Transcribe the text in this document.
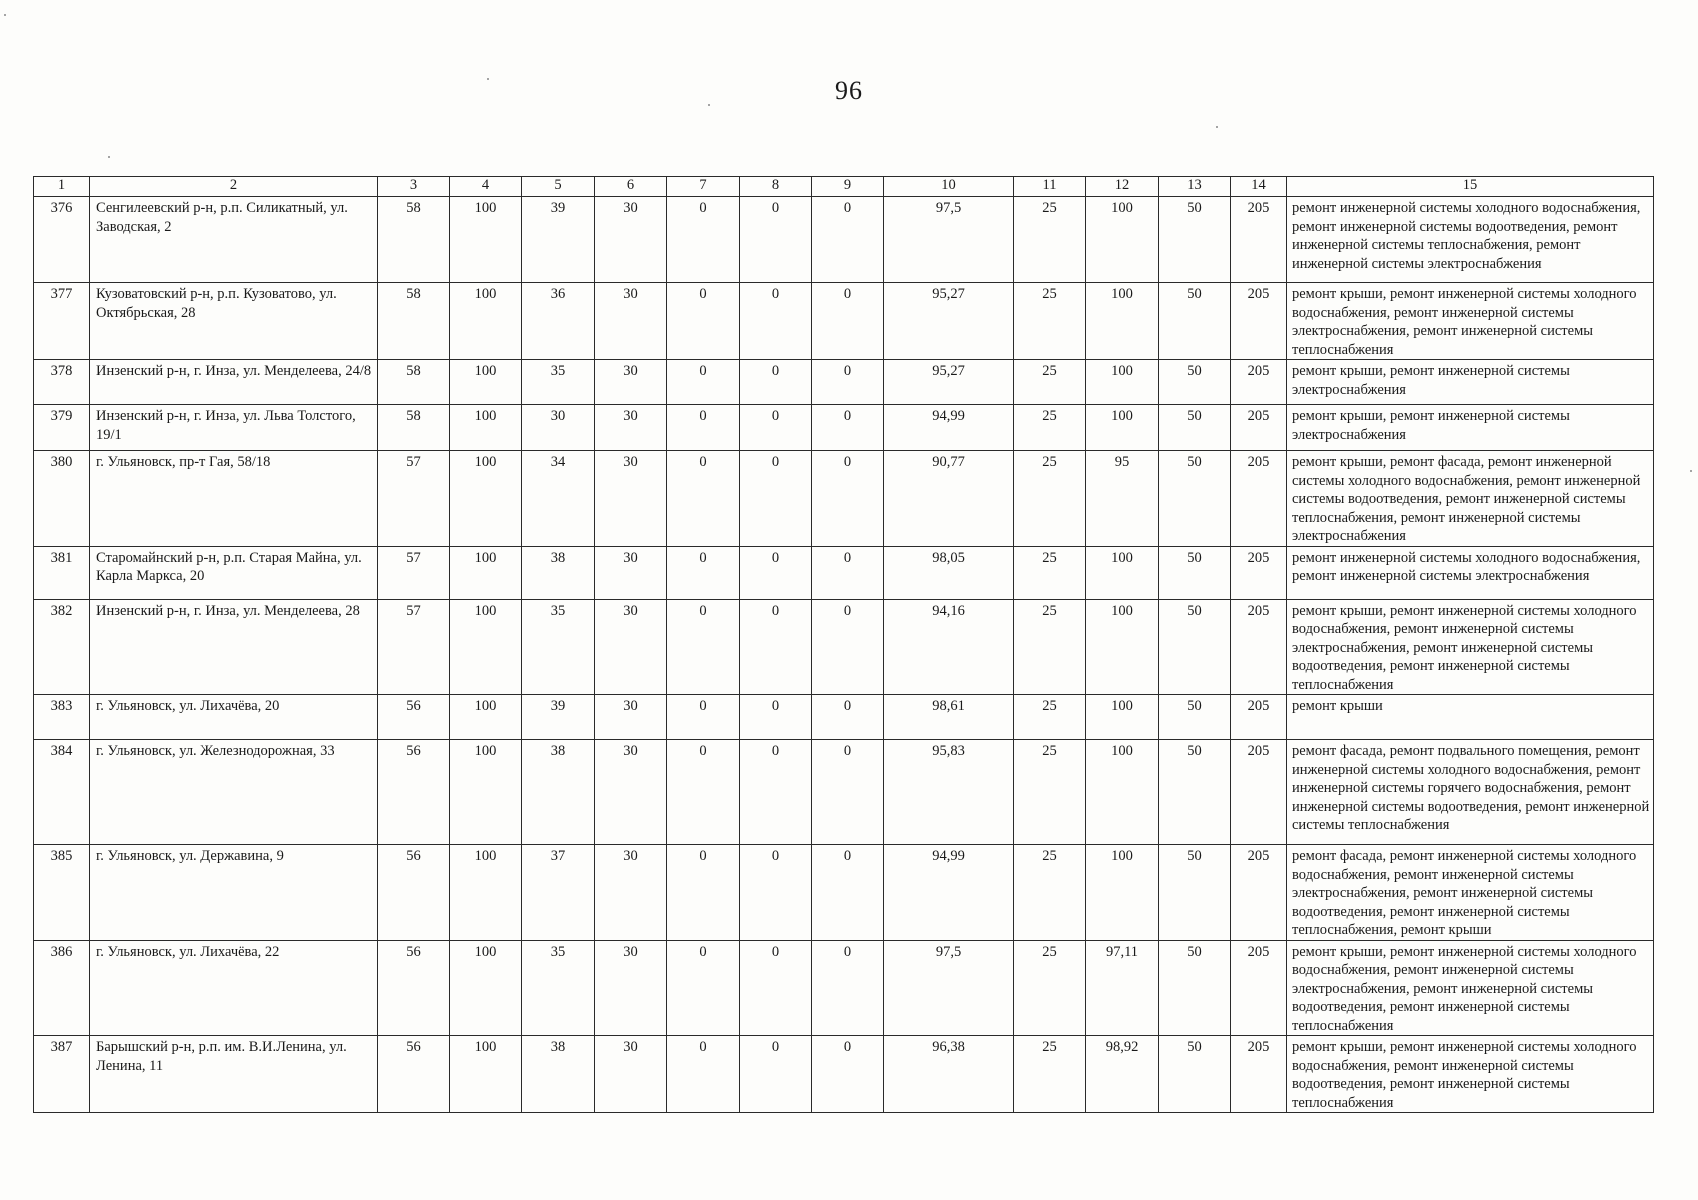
96
1	2	3	4	5	6	7	8	9	10	11	12	13	14	15
376	Сенгилеевский р-н, р.п. Силикатный, ул. Заводская, 2	58	100	39	30	0	0	0	97,5	25	100	50	205	ремонт инженерной системы холодного водоснабжения, ремонт инженерной системы водоотведения, ремонт инженерной системы теплоснабжения, ремонт инженерной системы электроснабжения
377	Кузоватовский р-н, р.п. Кузоватово, ул. Октябрьская, 28	58	100	36	30	0	0	0	95,27	25	100	50	205	ремонт крыши, ремонт инженерной системы холодного водоснабжения, ремонт инженерной системы электроснабжения, ремонт инженерной системы теплоснабжения
378	Инзенский р-н, г. Инза, ул. Менделеева, 24/8	58	100	35	30	0	0	0	95,27	25	100	50	205	ремонт крыши, ремонт инженерной системы электроснабжения
379	Инзенский р-н, г. Инза, ул. Льва Толстого, 19/1	58	100	30	30	0	0	0	94,99	25	100	50	205	ремонт крыши, ремонт инженерной системы электроснабжения
380	г. Ульяновск, пр-т Гая, 58/18	57	100	34	30	0	0	0	90,77	25	95	50	205	ремонт крыши, ремонт фасада, ремонт инженерной системы холодного водоснабжения, ремонт инженерной системы водоотведения, ремонт инженерной системы теплоснабжения, ремонт инженерной системы электроснабжения
381	Старомайнский р-н, р.п. Старая Майна, ул. Карла Маркса, 20	57	100	38	30	0	0	0	98,05	25	100	50	205	ремонт инженерной системы холодного водоснабжения, ремонт инженерной системы электроснабжения
382	Инзенский р-н, г. Инза, ул. Менделеева, 28	57	100	35	30	0	0	0	94,16	25	100	50	205	ремонт крыши, ремонт инженерной системы холодного водоснабжения, ремонт инженерной системы электроснабжения, ремонт инженерной системы водоотведения, ремонт инженерной системы теплоснабжения
383	г. Ульяновск, ул. Лихачёва, 20	56	100	39	30	0	0	0	98,61	25	100	50	205	ремонт крыши
384	г. Ульяновск, ул. Железнодорожная, 33	56	100	38	30	0	0	0	95,83	25	100	50	205	ремонт фасада, ремонт подвального помещения, ремонт инженерной системы холодного водоснабжения, ремонт инженерной системы горячего водоснабжения, ремонт инженерной системы водоотведения, ремонт инженерной системы теплоснабжения
385	г. Ульяновск, ул. Державина, 9	56	100	37	30	0	0	0	94,99	25	100	50	205	ремонт фасада, ремонт инженерной системы холодного водоснабжения, ремонт инженерной системы электроснабжения, ремонт инженерной системы водоотведения, ремонт инженерной системы теплоснабжения, ремонт крыши
386	г. Ульяновск, ул. Лихачёва, 22	56	100	35	30	0	0	0	97,5	25	97,11	50	205	ремонт крыши, ремонт инженерной системы холодного водоснабжения, ремонт инженерной системы электроснабжения, ремонт инженерной системы водоотведения, ремонт инженерной системы теплоснабжения
387	Барышский р-н, р.п. им. В.И.Ленина, ул. Ленина, 11	56	100	38	30	0	0	0	96,38	25	98,92	50	205	ремонт крыши, ремонт инженерной системы холодного водоснабжения, ремонт инженерной системы водоотведения, ремонт инженерной системы теплоснабжения
